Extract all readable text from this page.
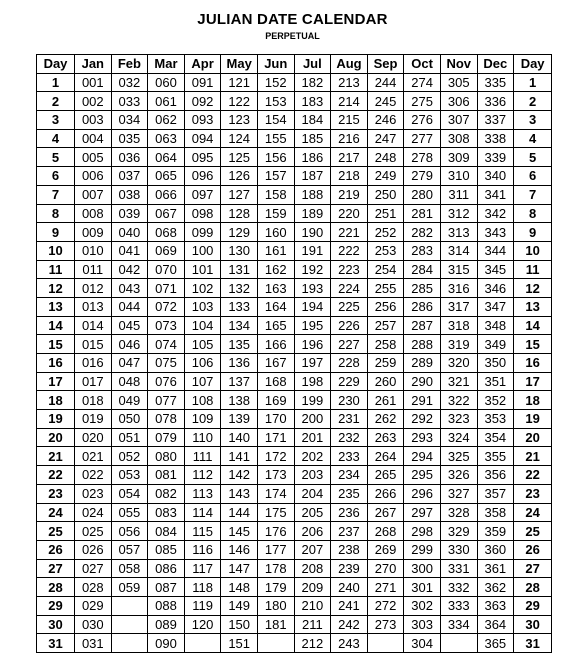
JULIAN DATE CALENDAR
PERPETUAL
Day	Jan	Feb	Mar	Apr	May	Jun	Jul	Aug	Sep	Oct	Nov	Dec	Day
1	001	032	060	091	121	152	182	213	244	274	305	335	1
2	002	033	061	092	122	153	183	214	245	275	306	336	2
3	003	034	062	093	123	154	184	215	246	276	307	337	3
4	004	035	063	094	124	155	185	216	247	277	308	338	4
5	005	036	064	095	125	156	186	217	248	278	309	339	5
6	006	037	065	096	126	157	187	218	249	279	310	340	6
7	007	038	066	097	127	158	188	219	250	280	311	341	7
8	008	039	067	098	128	159	189	220	251	281	312	342	8
9	009	040	068	099	129	160	190	221	252	282	313	343	9
10	010	041	069	100	130	161	191	222	253	283	314	344	10
11	011	042	070	101	131	162	192	223	254	284	315	345	11
12	012	043	071	102	132	163	193	224	255	285	316	346	12
13	013	044	072	103	133	164	194	225	256	286	317	347	13
14	014	045	073	104	134	165	195	226	257	287	318	348	14
15	015	046	074	105	135	166	196	227	258	288	319	349	15
16	016	047	075	106	136	167	197	228	259	289	320	350	16
17	017	048	076	107	137	168	198	229	260	290	321	351	17
18	018	049	077	108	138	169	199	230	261	291	322	352	18
19	019	050	078	109	139	170	200	231	262	292	323	353	19
20	020	051	079	110	140	171	201	232	263	293	324	354	20
21	021	052	080	111	141	172	202	233	264	294	325	355	21
22	022	053	081	112	142	173	203	234	265	295	326	356	22
23	023	054	082	113	143	174	204	235	266	296	327	357	23
24	024	055	083	114	144	175	205	236	267	297	328	358	24
25	025	056	084	115	145	176	206	237	268	298	329	359	25
26	026	057	085	116	146	177	207	238	269	299	330	360	26
27	027	058	086	117	147	178	208	239	270	300	331	361	27
28	028	059	087	118	148	179	209	240	271	301	332	362	28
29	029		088	119	149	180	210	241	272	302	333	363	29
30	030		089	120	150	181	211	242	273	303	334	364	30
31	031		090		151		212	243		304		365	31
